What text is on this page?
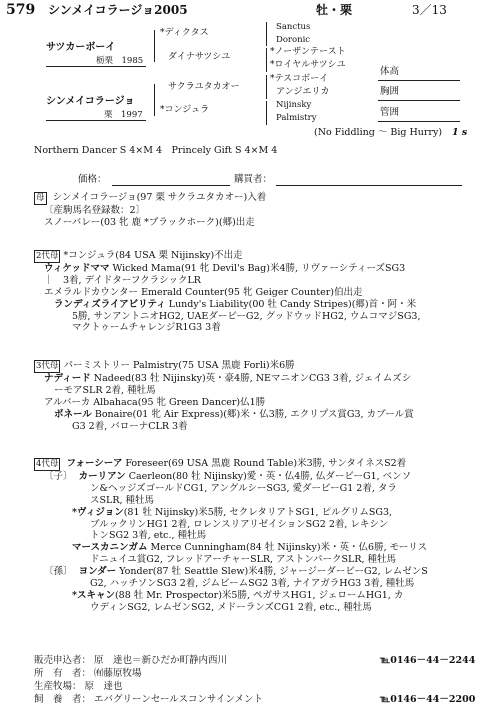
579 シンメイコラージョ2005	牡・栗	3／13
サツカーボーイ
栃栗　1985
シンメイコラージョ
栗　1997
*ディクタス
ダイナサツシユ
サクラユタカオー
*コンジュラ
Sanctus
Doronic
*ノーザンテースト
*ロイヤルサツシユ
*テスコボーイ
アンジエリカ
Nijinsky
Palmistry
体高
胸囲
管囲
(No Fiddling ～ Big Hurry) 1 s
Northern Dancer S 4×M 4　Princely Gift S 4×M 4
価格：	購買者：
母
シンメイコラージョ(97 栗 サクラユタカオー)入着
〔産駒馬名登録数：2〕
スノーバレー(03 牝 鹿 *ブラックホーク)(郷)出走
2代母
*コンジュラ(84 USA 栗 Nijinsky)不出走
ウィケッドママ Wicked Mama(91 牝 Devil's Bag)米4勝, リヴァーシティーズSG3
｜　3着, デイドターフクラシックLR
エメラルドカウンター Emerald Counter(95 牝 Geiger Counter)伯出走
ランディズライアビリティ Lundy's Liability(00 牡 Candy Stripes)(郷)首・阿・米
5勝, サンアントニオHG2, UAEダービーG2, グッドウッドHG2, ウムコマジSG3,
マクトゥームチャレンジR1G3 3着
3代母
パーミストリー Palmistry(75 USA 黒鹿 Forli)米6勝
ナディード Nadeed(83 牡 Nijinsky)英・豪4勝, NEマニオンCG3 3着, ジェイムズシ
ーモアSLR 2着, 種牡馬
アルバーカ Albahaca(95 牝 Green Dancer)仏1勝
ボネール Bonaire(01 牝 Air Express)(郷)米・仏3勝, エクリプス賞G3, カブール賞
G3 2着, バローナCLR 3着
4代母
フォーシーア Foreseer(69 USA 黒鹿 Round Table)米3勝, サンタイネスS2着
〔子〕
カーリアン Caerleon(80 牡 Nijinsky)愛・英・仏4勝, 仏ダービーG1, ベンソ
ン&ヘッジズゴールドCG1, アングルシーSG3, 愛ダービーG1 2着, タラ
スSLR, 種牡馬
*ヴィジョン (81 牡 Nijinsky)米5勝, セクレタリアトSG1, ピルグリムSG3,
ブルックリンHG1 2着, ロレンスリアリゼイションSG2 2着, レキシン
トンSG2 3着, etc., 種牡馬
マースカニンガム Merce Cunningham(84 牡 Nijinsky)米・英・仏6勝, モーリス
ドニュイユ賞G2, フレッドアーチャーSLR, アストンパークSLR, 種牡馬
〔孫〕
ヨンダー Yonder(87 牡 Seattle Slew)米4勝, ジャージーダービーG2, レムゼンS
G2, ハッチソンSG3 2着, ジムビームSG2 3着, ナイアガラHG3 3着, 種牡馬
*スキャン (88 牡 Mr. Prospector)米5勝, ペガサスHG1, ジェロームHG1, カ
ウディンSG2, レムゼンSG2, メドーランズCG1 2着, etc., 種牡馬
販売申込者： 原　達也＝新ひだか町静内西川	℡0146－44－2244
所　有　者： ㈲藤原牧場
生産牧場： 原　達也
飼　養　者： エバグリーンセールスコンサインメント	℡0146－44－2200
